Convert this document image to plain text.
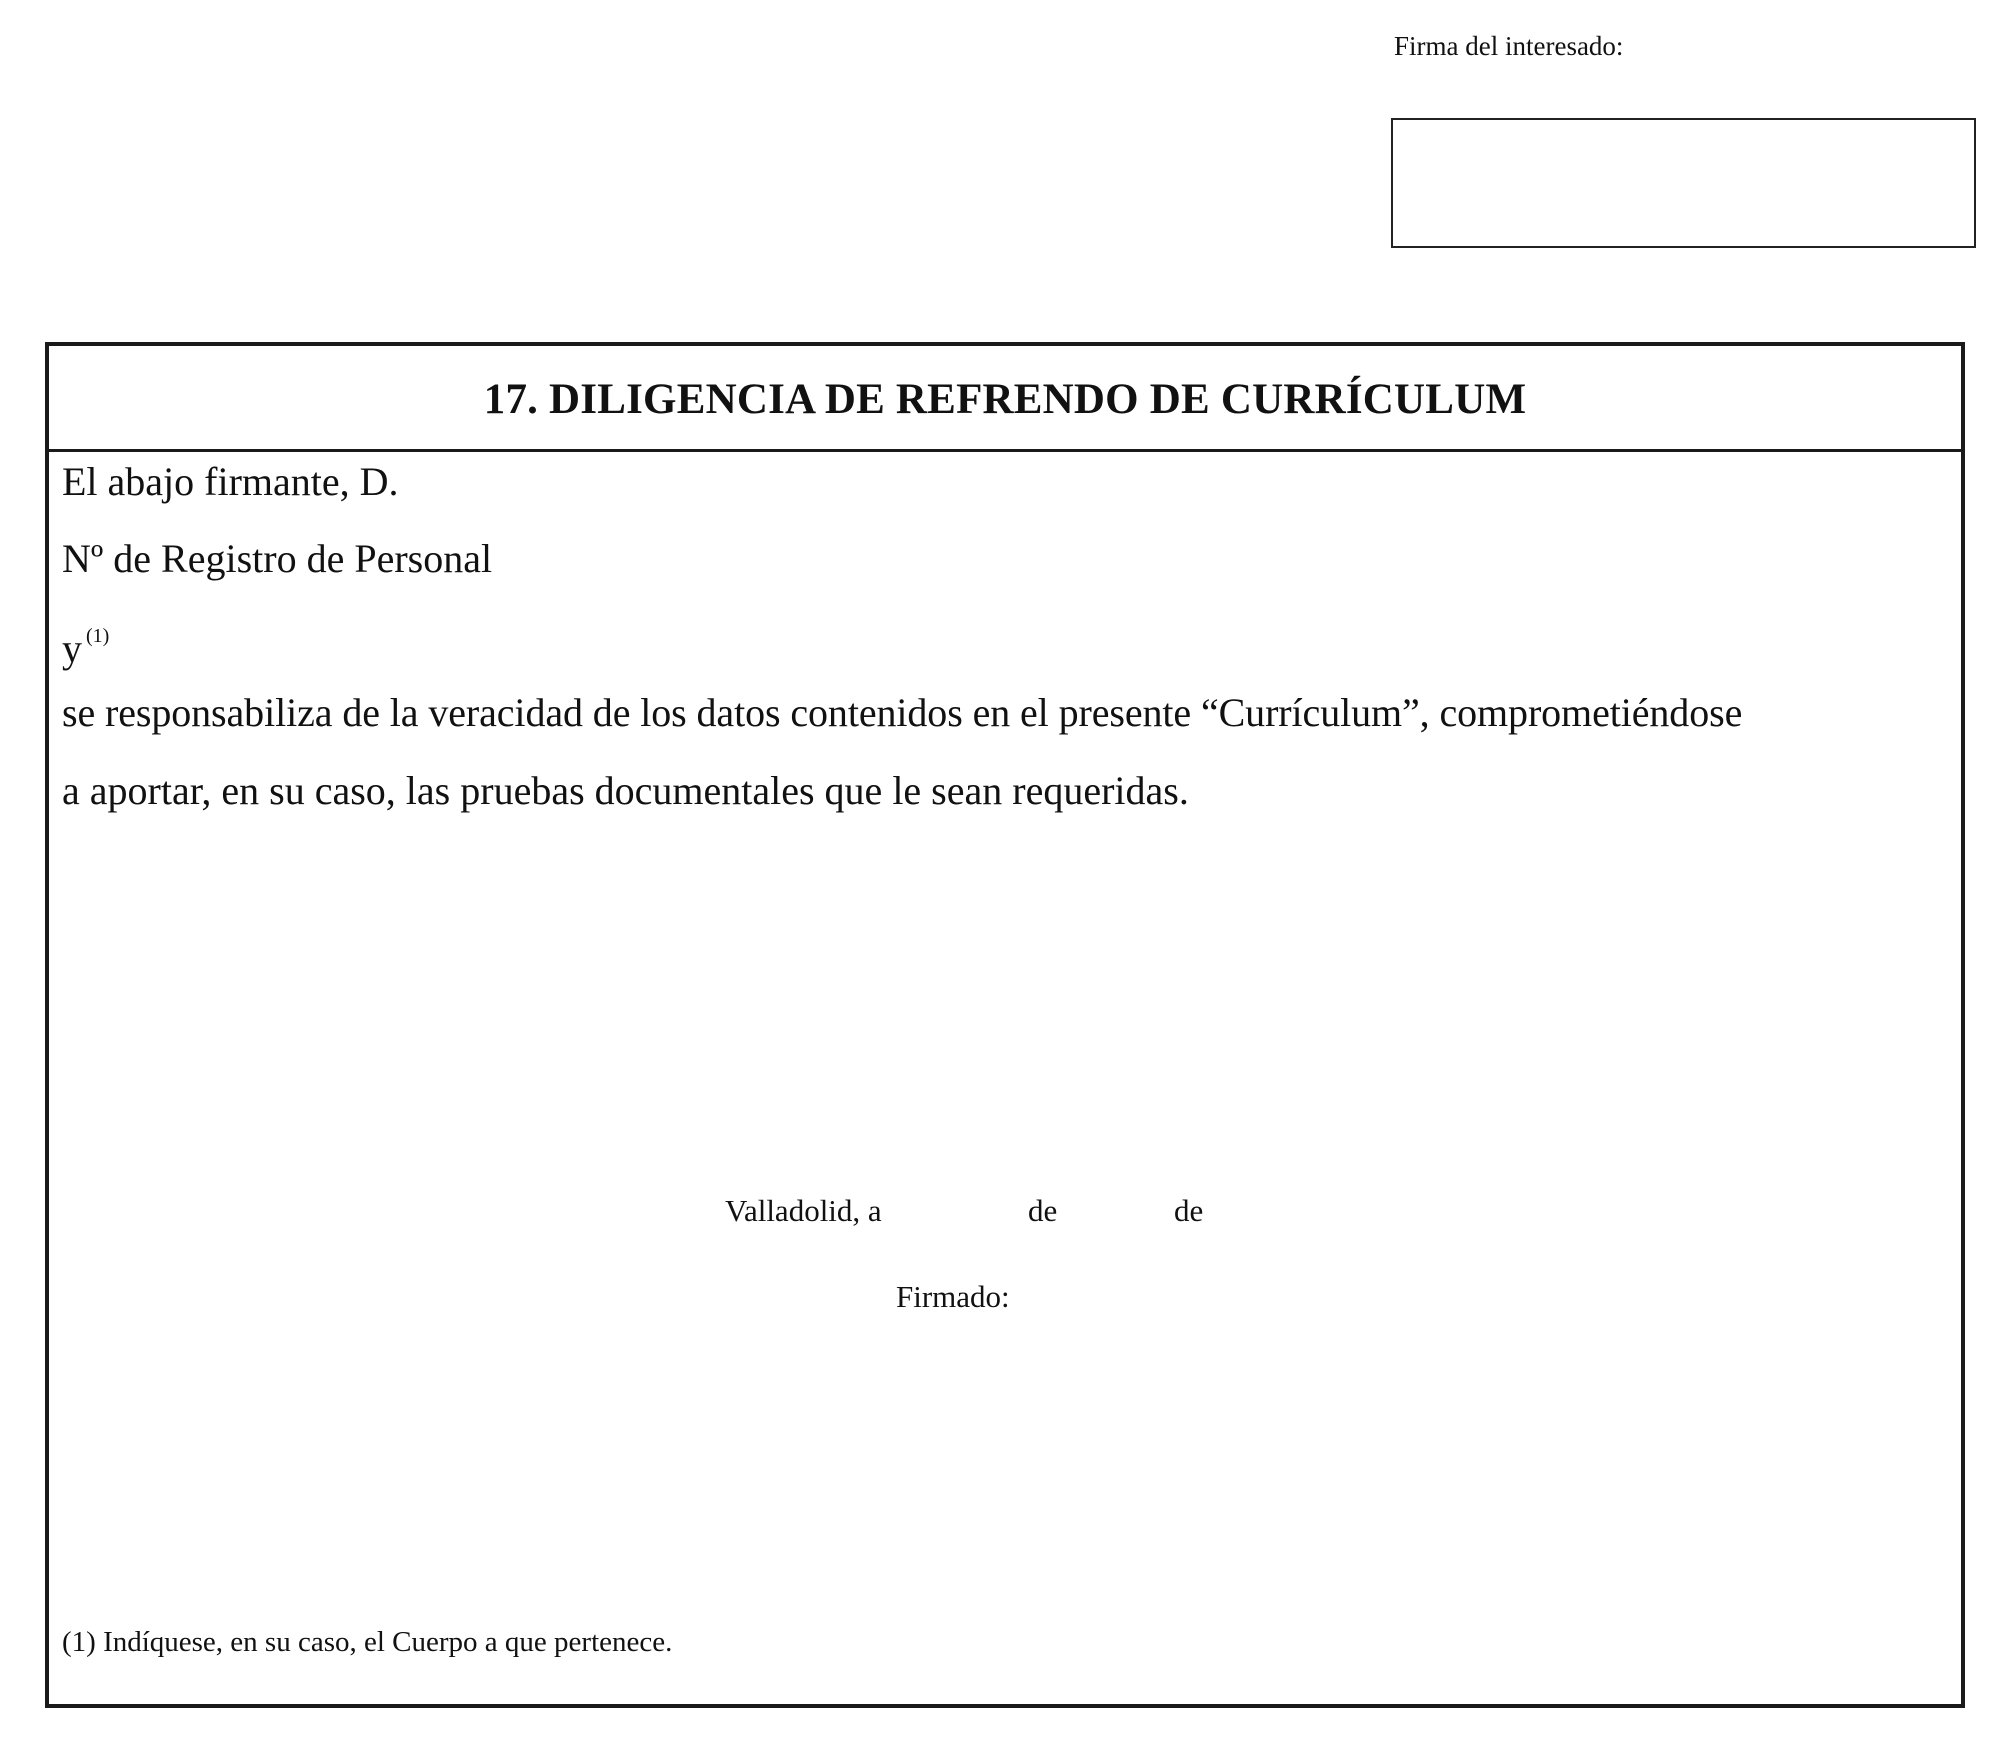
Firma del interesado:
17. DILIGENCIA DE REFRENDO DE CURRÍCULUM
El abajo firmante, D.
Nº de Registro de Personal
y $^{(1)}$
se responsabiliza de la veracidad de los datos contenidos en el presente “Currículum”, comprometiéndose
a aportar, en su caso, las pruebas documentales que le sean requeridas.
Valladolid, a	de	de
Firmado:
(1) Indíquese, en su caso, el Cuerpo a que pertenece.
